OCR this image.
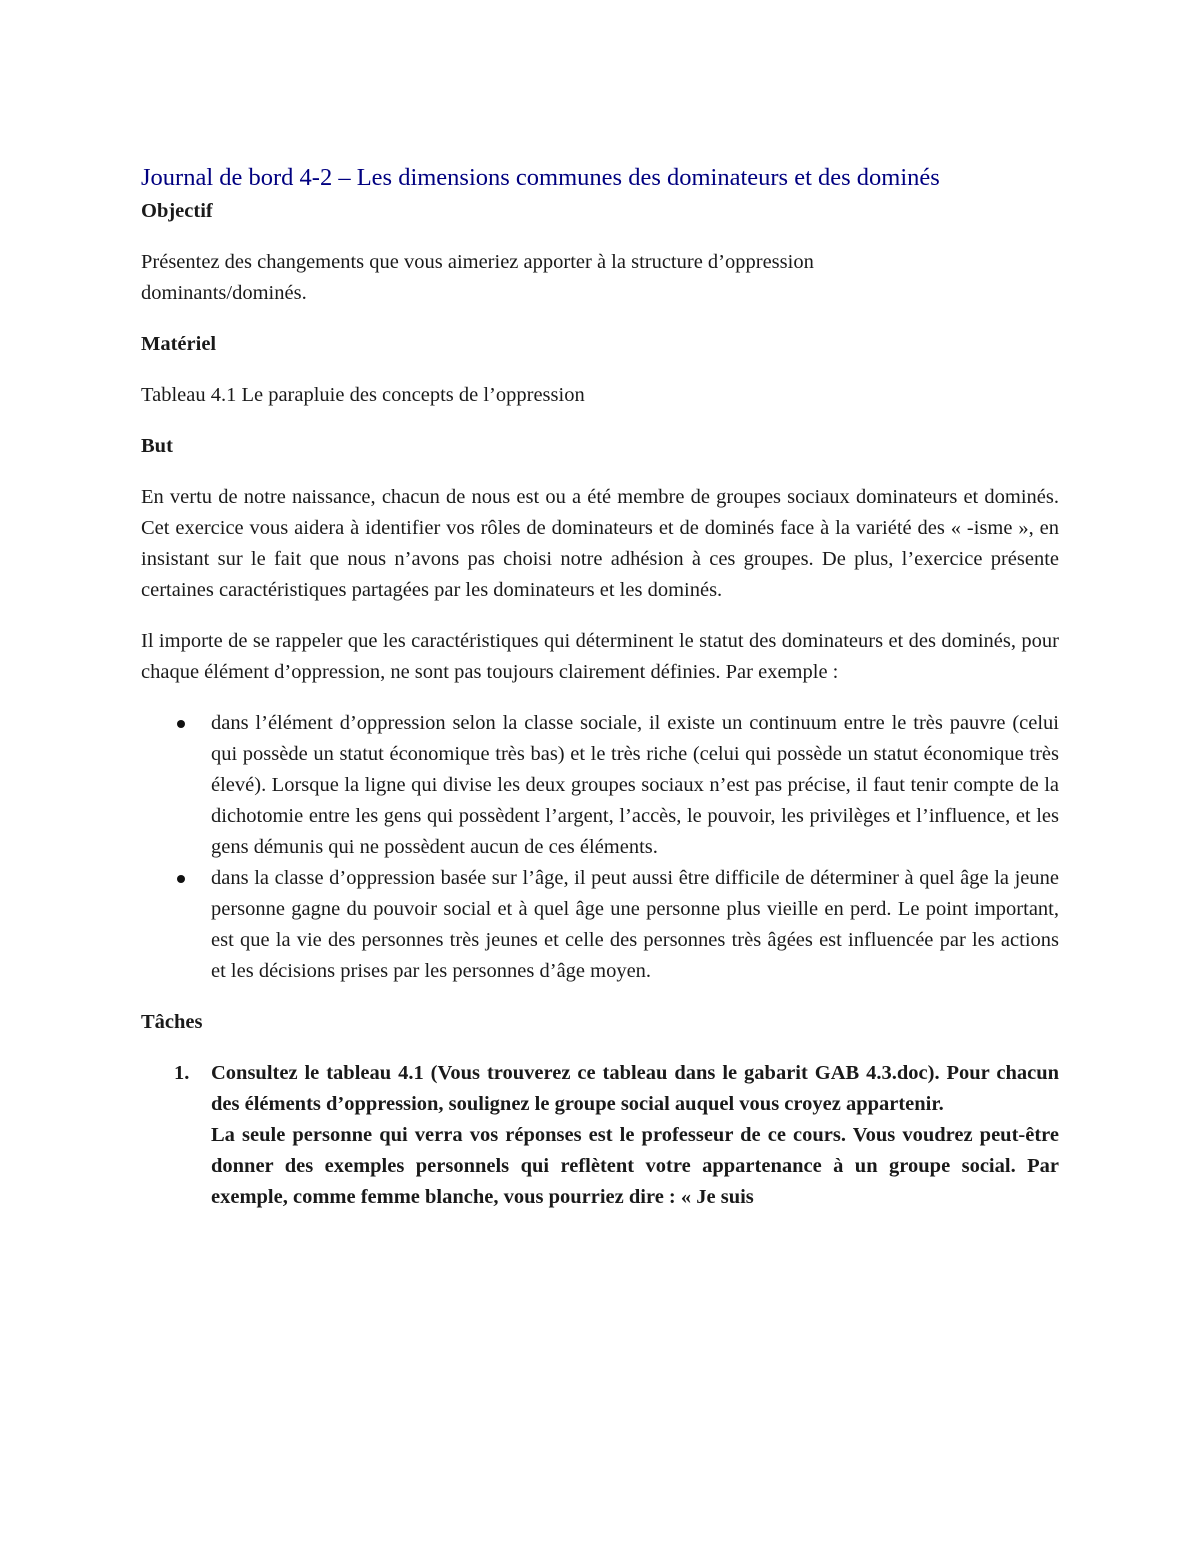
Journal de bord 4-2 – Les dimensions communes des dominateurs et des dominés
Objectif

Présentez des changements que vous aimeriez apporter à la structure d’oppression dominants/dominés.

Matériel

Tableau 4.1 Le parapluie des concepts de l’oppression

But

En vertu de notre naissance, chacun de nous est ou a été membre de groupes sociaux dominateurs et dominés. Cet exercice vous aidera à identifier vos rôles de dominateurs et de dominés face à la variété des « -isme », en insistant sur le fait que nous n’avons pas choisi notre adhésion à ces groupes. De plus, l’exercice présente certaines caractéristiques partagées par les dominateurs et les dominés.

Il importe de se rappeler que les caractéristiques qui déterminent le statut des dominateurs et des dominés, pour chaque élément d’oppression, ne sont pas toujours clairement définies. Par exemple :

dans l’élément d’oppression selon la classe sociale, il existe un continuum entre le très pauvre (celui qui possède un statut économique très bas) et le très riche (celui qui possède un statut économique très élevé). Lorsque la ligne qui divise les deux groupes sociaux n’est pas précise, il faut tenir compte de la dichotomie entre les gens qui possèdent l’argent, l’accès, le pouvoir, les privilèges et l’influence, et les gens démunis qui ne possèdent aucun de ces éléments.
dans la classe d’oppression basée sur l’âge, il peut aussi être difficile de déterminer à quel âge la jeune personne gagne du pouvoir social et à quel âge une personne plus vieille en perd. Le point important, est que la vie des personnes très jeunes et celle des personnes très âgées est influencée par les actions et les décisions prises par les personnes d’âge moyen.
Tâches
1. Consultez le tableau 4.1 (Vous trouverez ce tableau dans le gabarit GAB 4.3.doc). Pour chacun des éléments d’oppression, soulignez le groupe social auquel vous croyez appartenir.

La seule personne qui verra vos réponses est le professeur de ce cours. Vous voudrez peut-être donner des exemples personnels qui reflètent votre appartenance à un groupe social. Par exemple, comme femme blanche, vous pourriez dire : « Je suis
